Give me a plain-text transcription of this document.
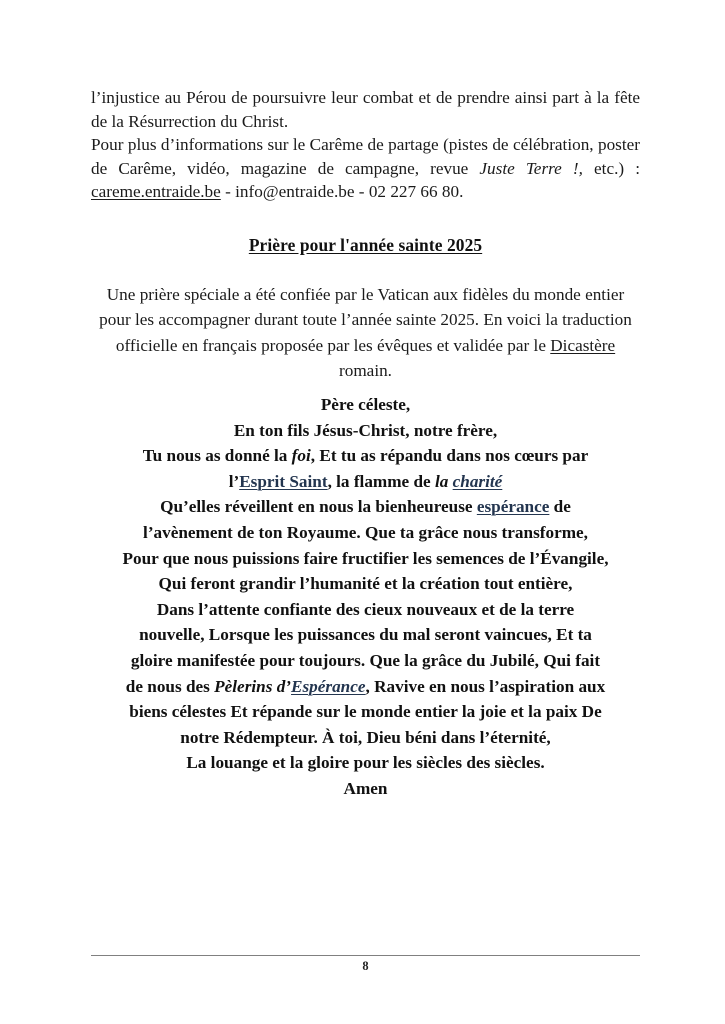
l’injustice au Pérou de poursuivre leur combat et de prendre ainsi part à la fête de la Résurrection du Christ.

Pour plus d’informations sur le Carême de partage (pistes de célébration, poster de Carême, vidéo, magazine de campagne, revue Juste Terre !, etc.) : careme.entraide.be - info@entraide.be - 02 227 66 80.

Prière pour l'année sainte 2025

Une prière spéciale a été confiée par le Vatican aux fidèles du monde entier pour les accompagner durant toute l’année sainte 2025. En voici la traduction officielle en français proposée par les évêques et validée par le Dicastère romain.

Père céleste,
En ton fils Jésus-Christ, notre frère,
Tu nous as donné la foi, Et tu as répandu dans nos cœurs par
l’Esprit Saint, la flamme de la charité
Qu’elles réveillent en nous la bienheureuse espérance de
l’avènement de ton Royaume. Que ta grâce nous transforme,
Pour que nous puissions faire fructifier les semences de l’Évangile,
Qui feront grandir l’humanité et la création tout entière,
Dans l’attente confiante des cieux nouveaux et de la terre
nouvelle, Lorsque les puissances du mal seront vaincues, Et ta
gloire manifestée pour toujours. Que la grâce du Jubilé, Qui fait
de nous des Pèlerins d’Espérance, Ravive en nous l’aspiration aux
biens célestes Et répande sur le monde entier la joie et la paix De
notre Rédempteur. À toi, Dieu béni dans l’éternité,
La louange et la gloire pour les siècles des siècles.
Amen
8
